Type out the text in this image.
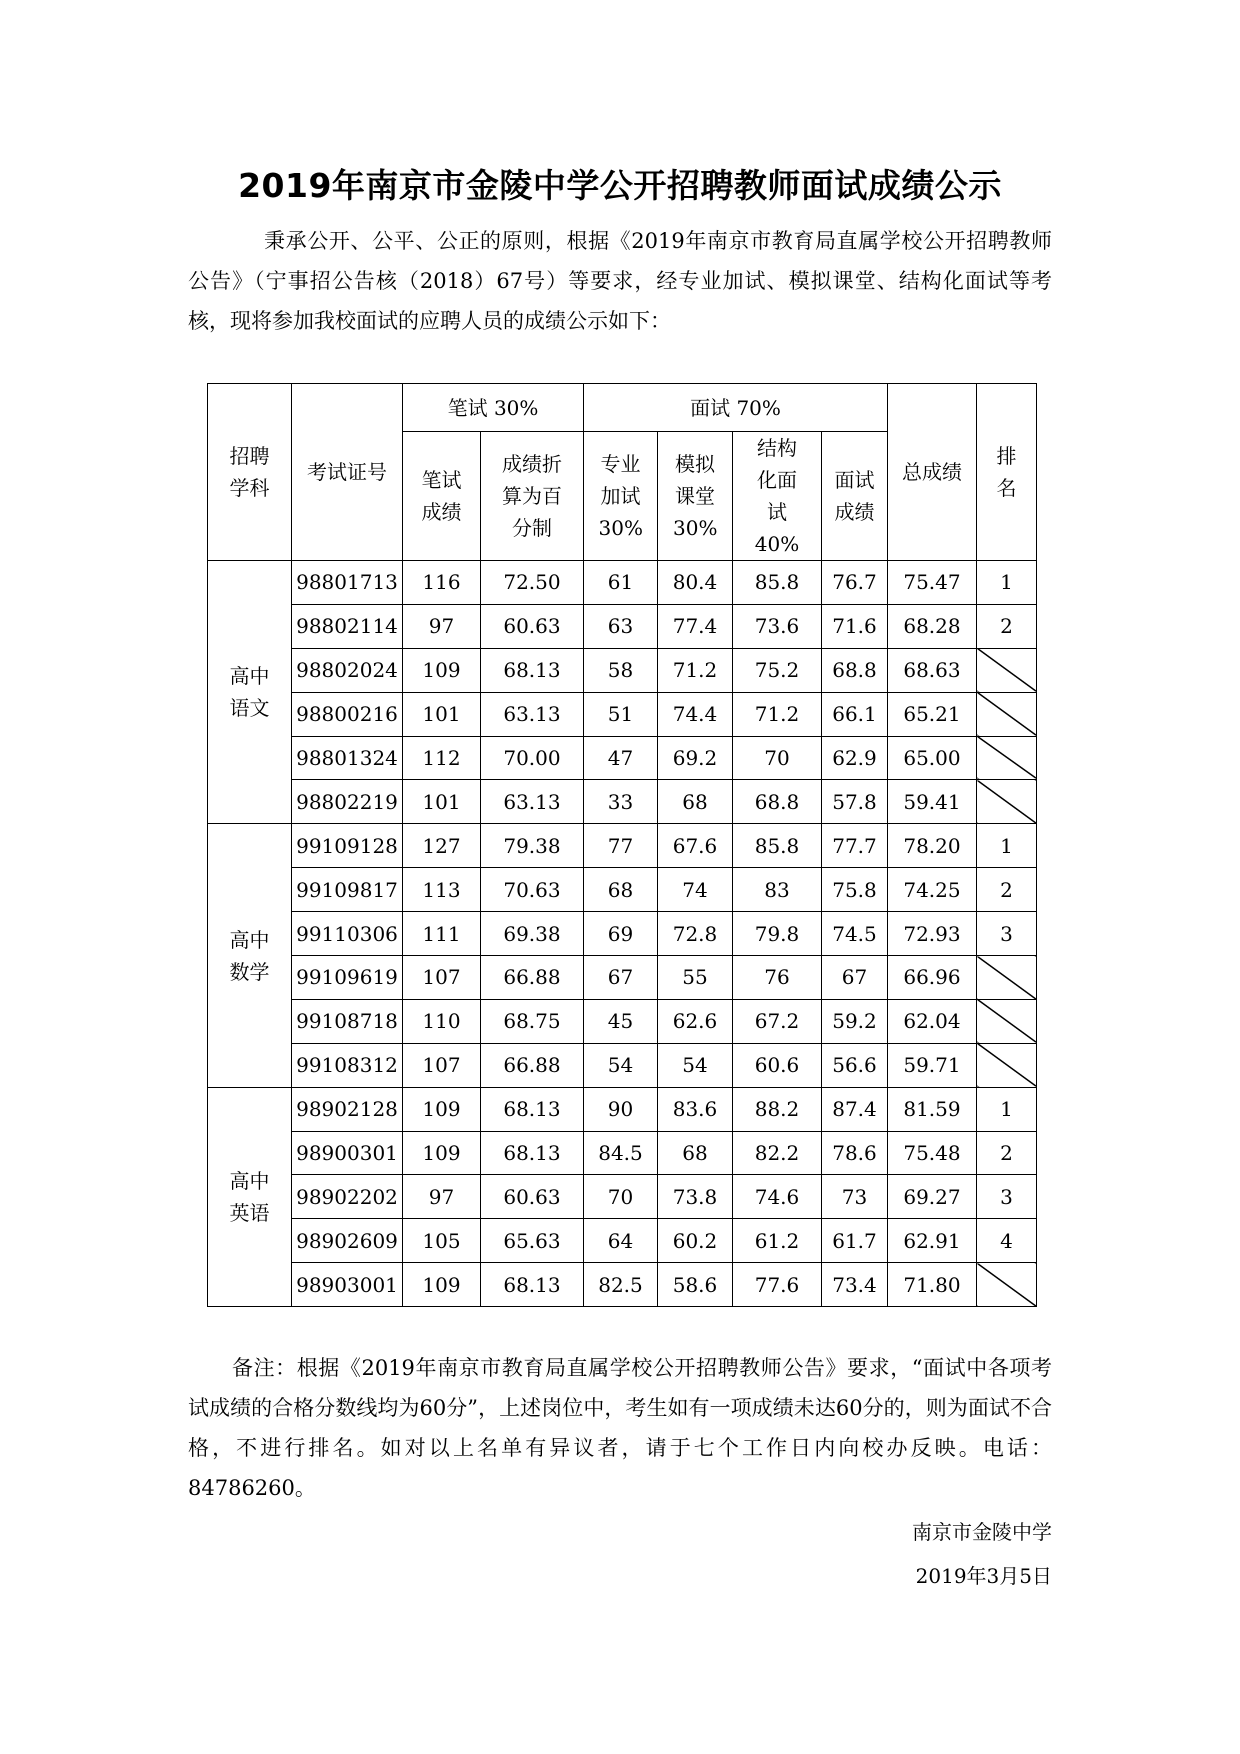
2019年南京市金陵中学公开招聘教师面试成绩公示
秉承公开、公平、公正的原则，根据《2019年南京市教育局直属学校公开招聘教师公告》（宁事招公告核（2018）67号）等要求，经专业加试、模拟课堂、结构化面试等考核，现将参加我校面试的应聘人员的成绩公示如下：
招聘学科	考试证号	笔试 30%		面试 70%				总成绩	排名

		笔试成绩	成绩折算为百分制	专业加试30%	模拟课堂30%	结构化面试 40%	面试成绩		

高中语文	98801713	116	72.50	61	80.4	85.8	76.7	75.47	1
	98802114	97	60.63	63	77.4	73.6	71.6	68.28	2
	98802024	109	68.13	58	71.2	75.2	68.8	68.63	
	98800216	101	63.13	51	74.4	71.2	66.1	65.21	
	98801324	112	70.00	47	69.2	70	62.9	65.00	
	98802219	101	63.13	33	68	68.8	57.8	59.41	

高中数学	99109128	127	79.38	77	67.6	85.8	77.7	78.20	1
	99109817	113	70.63	68	74	83	75.8	74.25	2
	99110306	111	69.38	69	72.8	79.8	74.5	72.93	3
	99109619	107	66.88	67	55	76	67	66.96	
	99108718	110	68.75	45	62.6	67.2	59.2	62.04	
	99108312	107	66.88	54	54	60.6	56.6	59.71	

高中英语	98902128	109	68.13	90	83.6	88.2	87.4	81.59	1
	98900301	109	68.13	84.5	68	82.2	78.6	75.48	2
	98902202	97	60.63	70	73.8	74.6	73	69.27	3
	98902609	105	65.63	64	60.2	61.2	61.7	62.91	4
	98903001	109	68.13	82.5	58.6	77.6	73.4	71.80	
备注：根据《2019年南京市教育局直属学校公开招聘教师公告》要求，“面试中各项考试成绩的合格分数线均为60分”，上述岗位中，考生如有一项成绩未达60分的，则为面试不合格，不进行排名。如对以上名单有异议者，请于七个工作日内向校办反映。电话：84786260。
南京市金陵中学
2019年3月5日
